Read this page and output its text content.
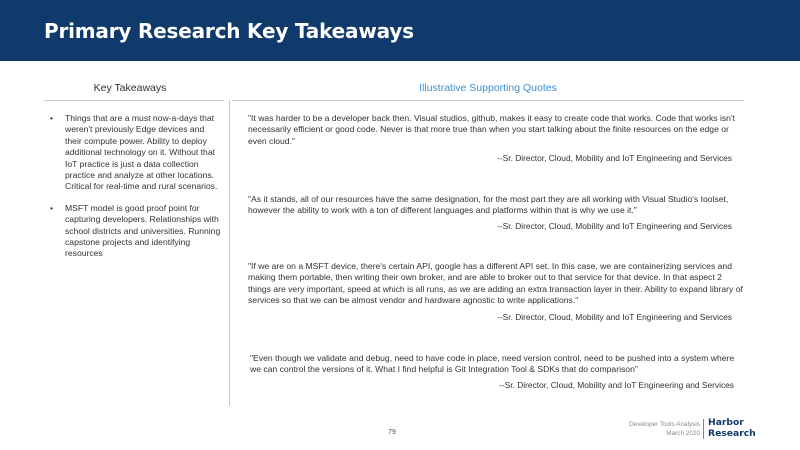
Primary Research Key Takeaways
Key Takeaways	Illustrative Supporting Quotes
• Things that are a must now-a-days that weren't previously Edge devices and their compute power. Ability to deploy additional technology on it. Without that IoT practice is just a data collection practice and analyze at other locations. Critical for real-time and rural scenarios.
• MSFT model is good proof point for capturing developers. Relationships with school districts and universities. Running capstone projects and identifying resources
"It was harder to be a developer back then. Visual studios, github, makes it easy to create code that works. Code that works isn't necessarily efficient or good code. Never is that more true than when you start talking about the finite resources on the edge or even cloud."
--Sr. Director, Cloud, Mobility and IoT Engineering and Services
"As it stands, all of our resources have the same designation, for the most part they are all working with Visual Studio's toolset, however the ability to work with a ton of different languages and platforms within that is why we use it."
--Sr. Director, Cloud, Mobility and IoT Engineering and Services
"If we are on a MSFT device, there's certain API, google has a different API set. In this case, we are containerizing services and making them portable, then writing their own broker, and are able to broker out to that service for that device. In that aspect 2 things are very important, speed at which is all runs, as we are adding an extra transaction layer in their. Ability to expand library of services so that we can be almost vendor and hardware agnostic to write applications."
--Sr. Director, Cloud, Mobility and IoT Engineering and Services
"Even though we validate and debug, need to have code in place, need version control, need to be pushed into a system where we can control the versions of it. What I find helpful is Git Integration Tool & SDKs that do comparison"
--Sr. Director, Cloud, Mobility and IoT Engineering and Services
79
Developer Tools Analysis
March 2020
Harbor
Research
